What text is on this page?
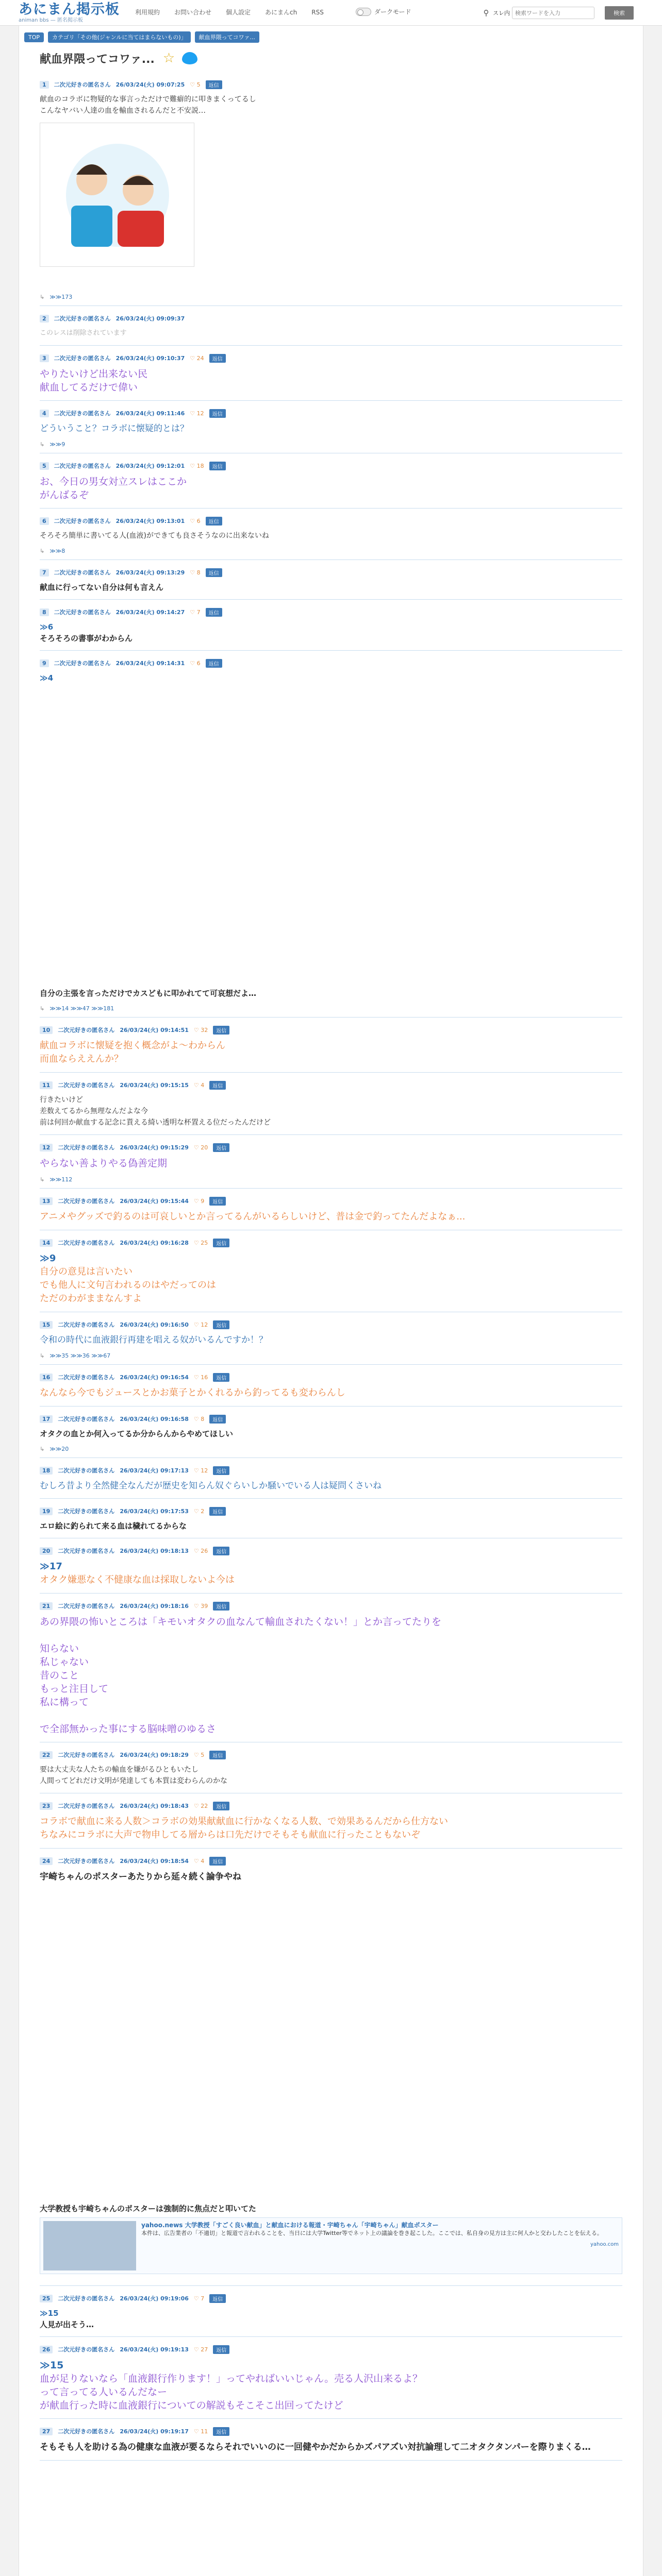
あにまん掲示板
animan bbs — 匿名掲示板
利用規約 お問い合わせ 個人設定 あにまんch RSS	ダークモード	⚲ スレ内
検索ワードを入力	検索
TOP	カテゴリ「その他(ジャンルに当てはまらないもの)」	献血界隈ってコワァ...
献血界隈ってコワァ... ☆
1	二次元好きの匿名さん 26/03/24(火) 09:07:25 ♡ 5	返信
献血のコラボに物疑的な事言っただけで難癖的に叩きまくってるし
こんなヤバい人達の血を輸血されるんだと不安説…
↳ ≫≫173
2	二次元好きの匿名さん 26/03/24(火) 09:09:37
このレスは削除されています
3	二次元好きの匿名さん 26/03/24(火) 09:10:37 ♡ 24	返信
やりたいけど出来ない民
献血してるだけで偉い
4	二次元好きの匿名さん 26/03/24(火) 09:11:46 ♡ 12	返信
どういうこと？コラボに懐疑的とは？
↳ ≫≫9
5	二次元好きの匿名さん 26/03/24(火) 09:12:01 ♡ 18	返信
お、今日の男女対立スレはここか
がんばるぞ
6	二次元好きの匿名さん 26/03/24(火) 09:13:01 ♡ 6	返信
そろそろ簡単に書いてる人(血液)ができても良さそうなのに出来ないね
↳ ≫≫8
7	二次元好きの匿名さん 26/03/24(火) 09:13:29 ♡ 8	返信
献血に行ってない自分は何も言えん
8	二次元好きの匿名さん 26/03/24(火) 09:14:27 ♡ 7	返信
≫6
そろそろの書事がわからん
9	二次元好きの匿名さん 26/03/24(火) 09:14:31 ♡ 6	返信
≫4
自分の主張を言っただけでカスどもに叩かれてて可哀想だよ…
↳ ≫≫14 ≫≫47 ≫≫181
10	二次元好きの匿名さん 26/03/24(火) 09:14:51 ♡ 32	返信
献血コラボに懐疑を抱く概念がよ～わからん
而血ならええんか？
11	二次元好きの匿名さん 26/03/24(火) 09:15:15 ♡ 4	返信
行きたいけど
差数えてるから無理なんだよな今
前は何回か献血する記念に貰える綺い透明な杯置える位だったんだけど
12	二次元好きの匿名さん 26/03/24(火) 09:15:29 ♡ 20	返信
やらない善よりやる偽善定期
↳ ≫≫112
13	二次元好きの匿名さん 26/03/24(火) 09:15:44 ♡ 9	返信
アニメやグッズで釣るのは可哀しいとか言ってるんがいるらしいけど、普は金で釣ってたんだよなぁ...
14	二次元好きの匿名さん 26/03/24(火) 09:16:28 ♡ 25	返信
≫9
自分の意見は言いたい
でも他人に文句言われるのはやだってのは
ただのわがままなんすよ
15	二次元好きの匿名さん 26/03/24(火) 09:16:50 ♡ 12	返信
令和の時代に血液銀行再建を唱える奴がいるんですか！？
↳ ≫≫35 ≫≫36 ≫≫67
16	二次元好きの匿名さん 26/03/24(火) 09:16:54 ♡ 16	返信
なんなら今でもジュースとかお菓子とかくれるから釣ってるも変わらんし
17	二次元好きの匿名さん 26/03/24(火) 09:16:58 ♡ 8	返信
オタクの血とか何入ってるか分からんからやめてほしい
↳ ≫≫20
18	二次元好きの匿名さん 26/03/24(火) 09:17:13 ♡ 12	返信
むしろ昔より全然健全なんだが歴史を知らん奴ぐらいしか騒いでいる人は疑問くさいね
19	二次元好きの匿名さん 26/03/24(火) 09:17:53 ♡ 2	返信
エロ絵に釣られて来る血は穢れてるからな
20	二次元好きの匿名さん 26/03/24(火) 09:18:13 ♡ 26	返信
≫17
オタク嫌悪なく不健康な血は採取しないよ今は
21	二次元好きの匿名さん 26/03/24(火) 09:18:16 ♡ 39	返信
あの界隈の怖いところは「キモいオタクの血なんて輸血されたくない！」とか言ってたりを

知らない
私じゃない
昔のこと
もっと注目して
私に構って

で全部無かった事にする脳味噌のゆるさ
22	二次元好きの匿名さん 26/03/24(火) 09:18:29 ♡ 5	返信
要は大丈夫な人たちの輸血を嫌がるひともいたし
人間ってどれだけ文明が発達しても本質は変わらんのかな
23	二次元好きの匿名さん 26/03/24(火) 09:18:43 ♡ 22	返信
コラボで献血に来る人数＞コラボの効果献献血に行かなくなる人数、で効果あるんだから仕方ない
ちなみにコラボに大声で物申してる層からは口先だけでそもそも献血に行ったこともないぞ
24	二次元好きの匿名さん 26/03/24(火) 09:18:54 ♡ 4	返信
宇崎ちゃんのポスターあたりから延々続く論争やね
大学教授も宇崎ちゃんのポスターは強制的に焦点だと叩いてた
yahoo.news 大学教授「すごく良い献血」と献血における報道・宇崎ちゃん「宇崎ちゃん」献血ポスター
本件は、広告業者の「不適切」と報道で言われることを、当日には大学Twitter等でネット上の議論を巻き起こした。ここでは、私自身の見方は主に何人かと交わしたことを伝える。
yahoo.com
25	二次元好きの匿名さん 26/03/24(火) 09:19:06 ♡ 7	返信
≫15
人見が出そう…
26	二次元好きの匿名さん 26/03/24(火) 09:19:13 ♡ 27	返信
≫15
血が足りないなら「血液銀行作ります！」ってやればいいじゃん。売る人沢山来るよ？
って言ってる人いるんだなー
が献血行った時に血液銀行についての解説もそこそこ出回ってたけど
27	二次元好きの匿名さん 26/03/24(火) 09:19:17 ♡ 11	返信
そもそも人を助ける為の健康な血液が要るならそれでいいのに一回健やかだからかズパアズい対抗論理して二オタクタンパーを際りまくる…
